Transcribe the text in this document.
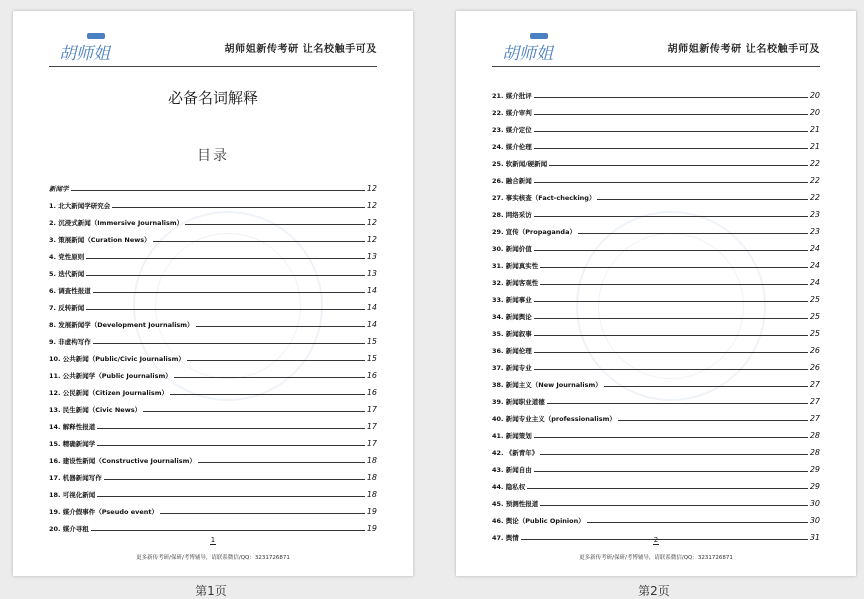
胡师姐	胡师姐新传考研 让名校触手可及
必备名词解释
目录
新闻学	12
1. 北大新闻学研究会	12
2. 沉浸式新闻（Immersive Journalism）	12
3. 策展新闻（Curation News）	12
4. 党性原则	13
5. 迭代新闻	13
6. 调查性报道	14
7. 反转新闻	14
8. 发展新闻学（Development Journalism）	14
9. 非虚构写作	15
10. 公共新闻（Public/Civic Journalism）	15
11. 公共新闻学（Public Journalism）	16
12. 公民新闻（Citizen Journalism）	16
13. 民生新闻（Civic News）	17
14. 解释性报道	17
15. 精确新闻学	17
16. 建设性新闻（Constructive Journalism）	18
17. 机器新闻写作	18
18. 可视化新闻	18
19. 媒介假事件（Pseudo event）	19
20. 媒介寻租	19
1
更多新传考研/保研/考博辅导，请联系微信/QQ：3231726871
胡师姐	胡师姐新传考研 让名校触手可及
21. 媒介批评	20
22. 媒介审判	20
23. 媒介定位	21
24. 媒介伦理	21
25. 软新闻/硬新闻	22
26. 融合新闻	22
27. 事实核查（Fact-checking）	22
28. 网络采访	23
29. 宣传（Propaganda）	23
30. 新闻价值	24
31. 新闻真实性	24
32. 新闻客观性	24
33. 新闻事业	25
34. 新闻舆论	25
35. 新闻叙事	25
36. 新闻伦理	26
37. 新闻专业	26
38. 新闻主义（New Journalism）	27
39. 新闻职业道德	27
40. 新闻专业主义（professionalism）	27
41. 新闻策划	28
42. 《新青年》	28
43. 新闻自由	29
44. 隐私权	29
45. 预测性报道	30
46. 舆论（Public Opinion）	30
47. 舆情	31
2
更多新传考研/保研/考博辅导，请联系微信/QQ：3231726871
第1页	第2页
